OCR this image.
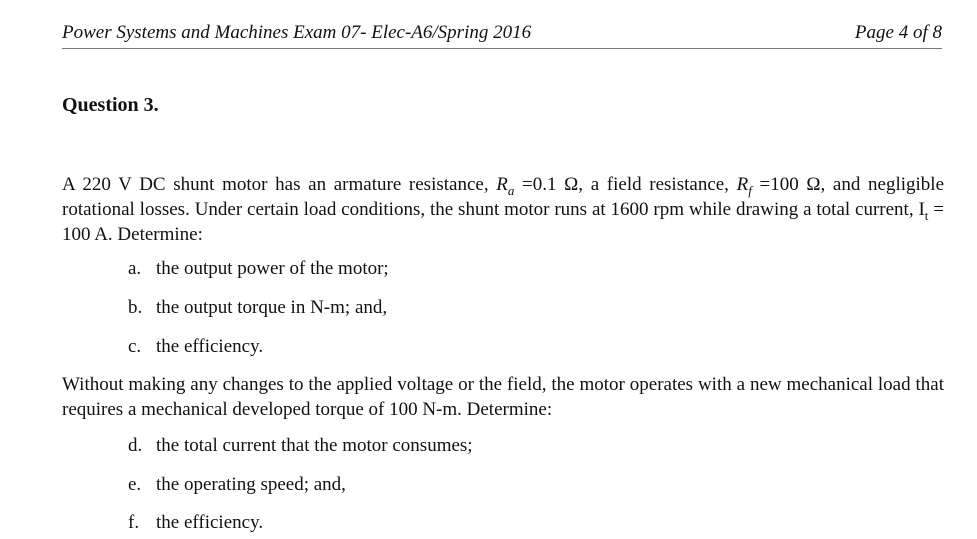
Power Systems and Machines Exam 07- Elec-A6/Spring 2016	Page 4 of 8
Question 3.
A 220 V DC shunt motor has an armature resistance, $R_a =0.1$ Ω, a field resistance, $R_f =100$ Ω, and negligible rotational losses. Under certain load conditions, the shunt motor runs at 1600 rpm while drawing a total current, $I_t = 100$ A. Determine:
a. the output power of the motor;
b. the output torque in N-m; and,
c. the efficiency.
Without making any changes to the applied voltage or the field, the motor operates with a new mechanical load that requires a mechanical developed torque of 100 N-m. Determine:
d. the total current that the motor consumes;
e. the operating speed; and,
f. the efficiency.
